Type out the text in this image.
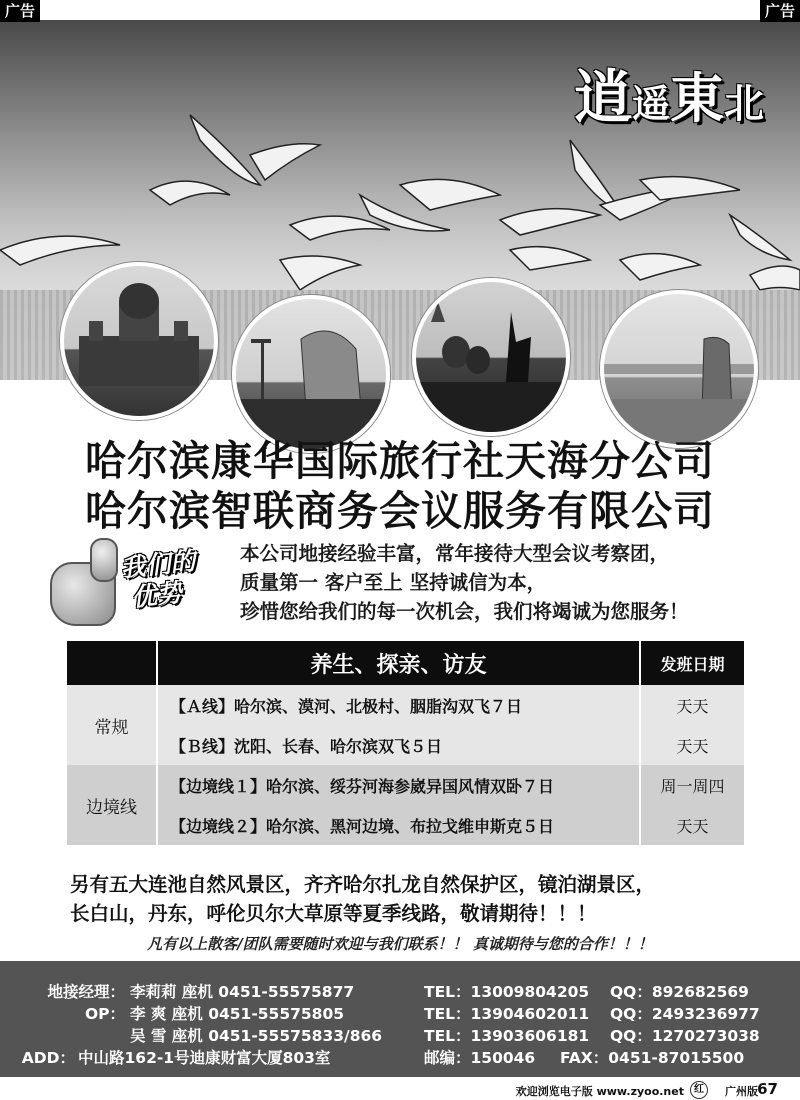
广告	广告
逍遥東北
哈尔滨康华国际旅行社天海分公司
哈尔滨智联商务会议服务有限公司
我们的
优势
本公司地接经验丰富，常年接待大型会议考察团，
质量第一 客户至上 坚持诚信为本，
珍惜您给我们的每一次机会，我们将竭诚为您服务！
	养生、探亲、访友	发班日期
常规	【Ａ线】哈尔滨、漠河、北极村、胭脂沟双飞７日	天天
	【Ｂ线】沈阳、长春、哈尔滨双飞５日	天天
边境线	【边境线１】哈尔滨、绥芬河海参崴异国风情双卧７日	周一周四
	【边境线２】哈尔滨、黑河边境、布拉戈维申斯克５日	天天
另有五大连池自然风景区，齐齐哈尔扎龙自然保护区，镜泊湖景区，
长白山，丹东，呼伦贝尔大草原等夏季线路，敬请期待！！！
凡有以上散客/团队需要随时欢迎与我们联系！！ 真诚期待与您的合作！！！
地接经理： 李莉莉 座机 0451-55575877	TEL：13009804205 QQ：892682569
OP： 李 爽 座机 0451-55575805	TEL：13904602011 QQ：2493236977
吴 雪 座机 0451-55575833/866	TEL：13903606181 QQ：1270273038
ADD： 中山路162-1号迪康财富大厦803室	邮编：150046 FAX：0451-87015500
欢迎浏览电子版 www.zyoo.net	红	广州版 67
